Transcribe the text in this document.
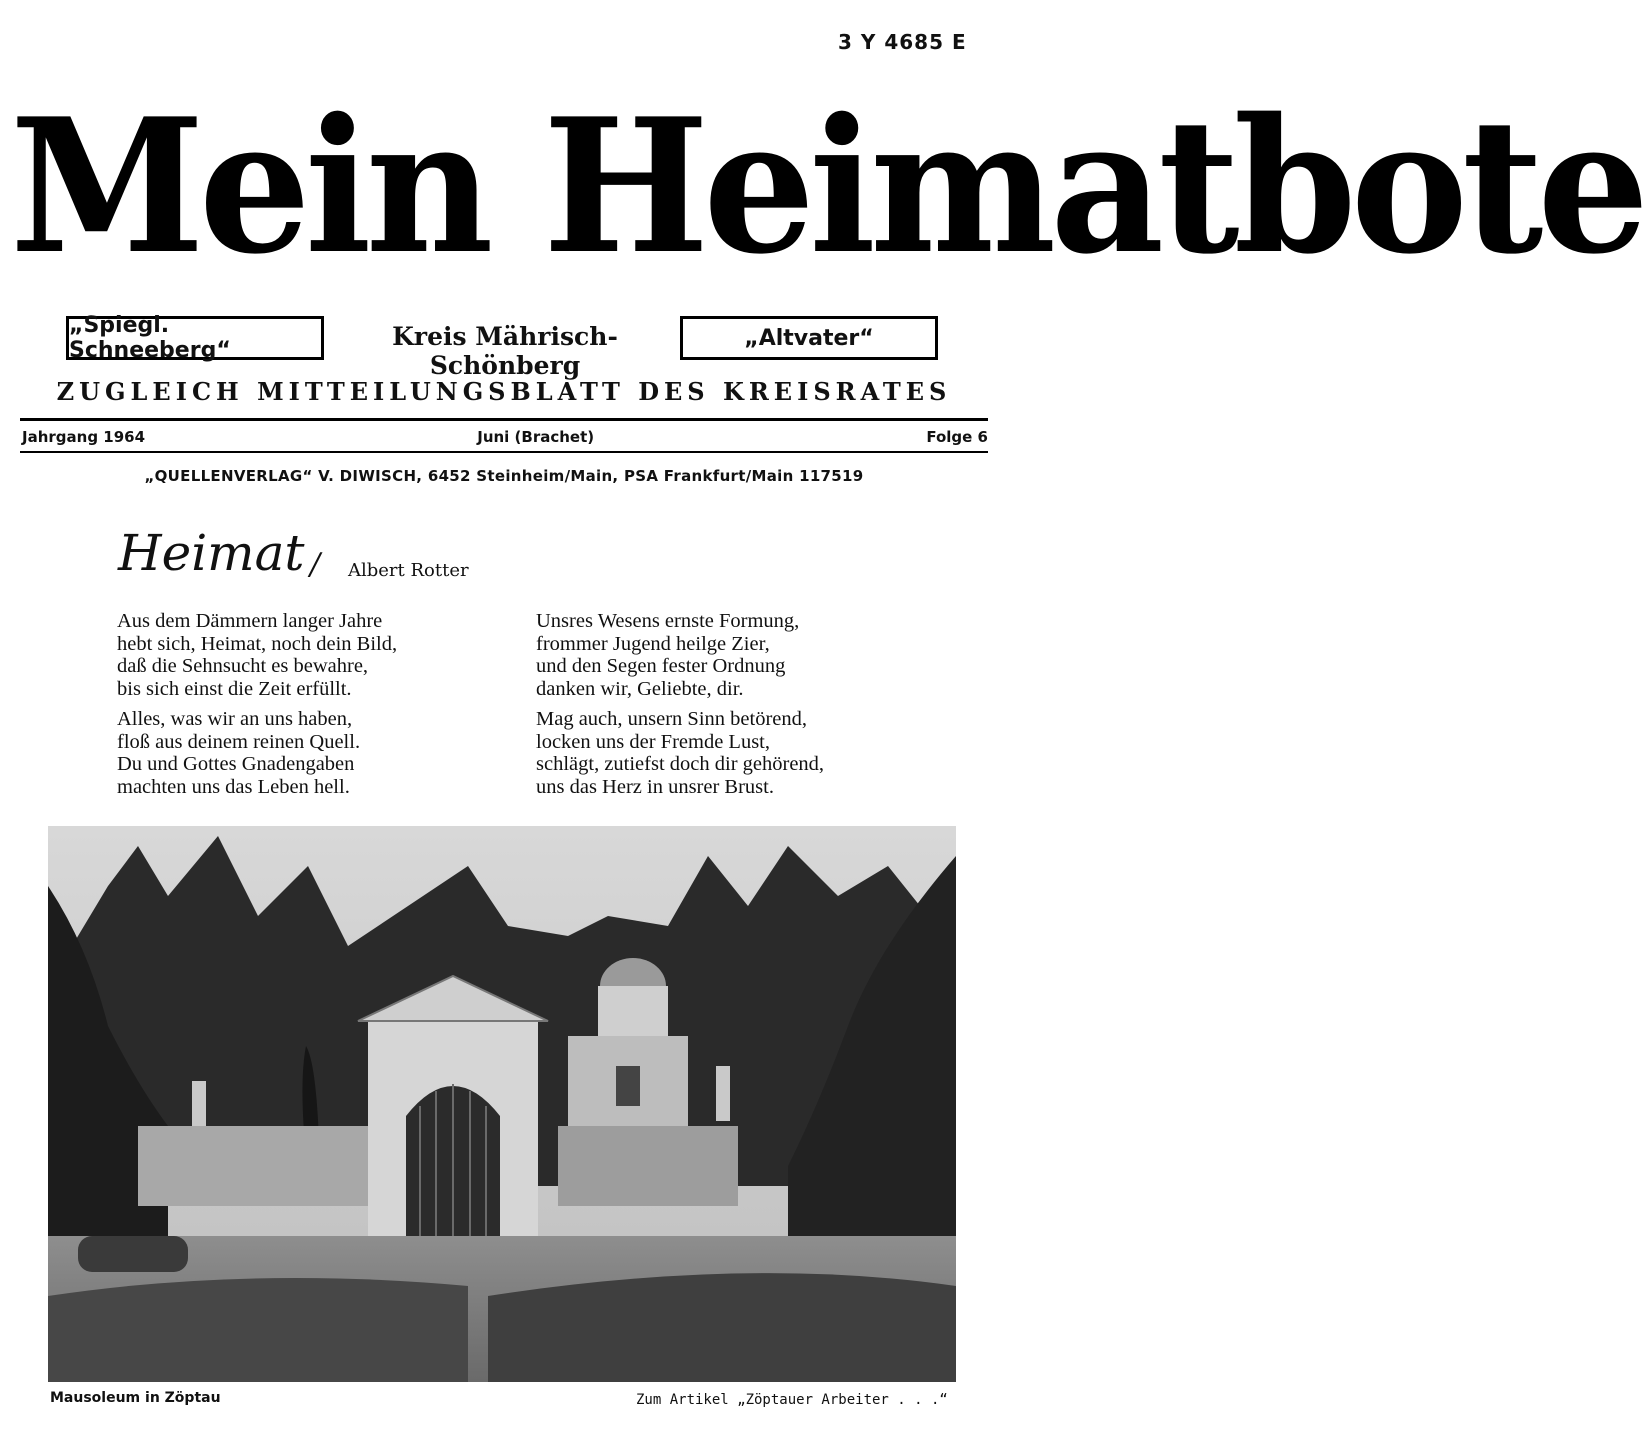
3 Y 4685 E
Mein Heimatbote
„Spiegl. Schneeberg“	Kreis Mährisch-Schönberg
„Altvater“
ZUGLEICH MITTEILUNGSBLATT DES KREISRATES
Jahrgang 1964	Juni (Brachet)	Folge 6
„QUELLENVERLAG“ V. DIWISCH, 6452 Steinheim/Main, PSA Frankfurt/Main 117519
Heimat / Albert Rotter
Aus dem Dämmern langer Jahre
hebt sich, Heimat, noch dein Bild,
daß die Sehnsucht es bewahre,
bis sich einst die Zeit erfüllt.
Alles, was wir an uns haben,
floß aus deinem reinen Quell.
Du und Gottes Gnadengaben
machten uns das Leben hell.
Unsres Wesens ernste Formung,
frommer Jugend heilge Zier,
und den Segen fester Ordnung
danken wir, Geliebte, dir.
Mag auch, unsern Sinn betörend,
locken uns der Fremde Lust,
schlägt, zutiefst doch dir gehörend,
uns das Herz in unsrer Brust.
Mausoleum in Zöptau	Zum Artikel „Zöptauer Arbeiter . . .“
